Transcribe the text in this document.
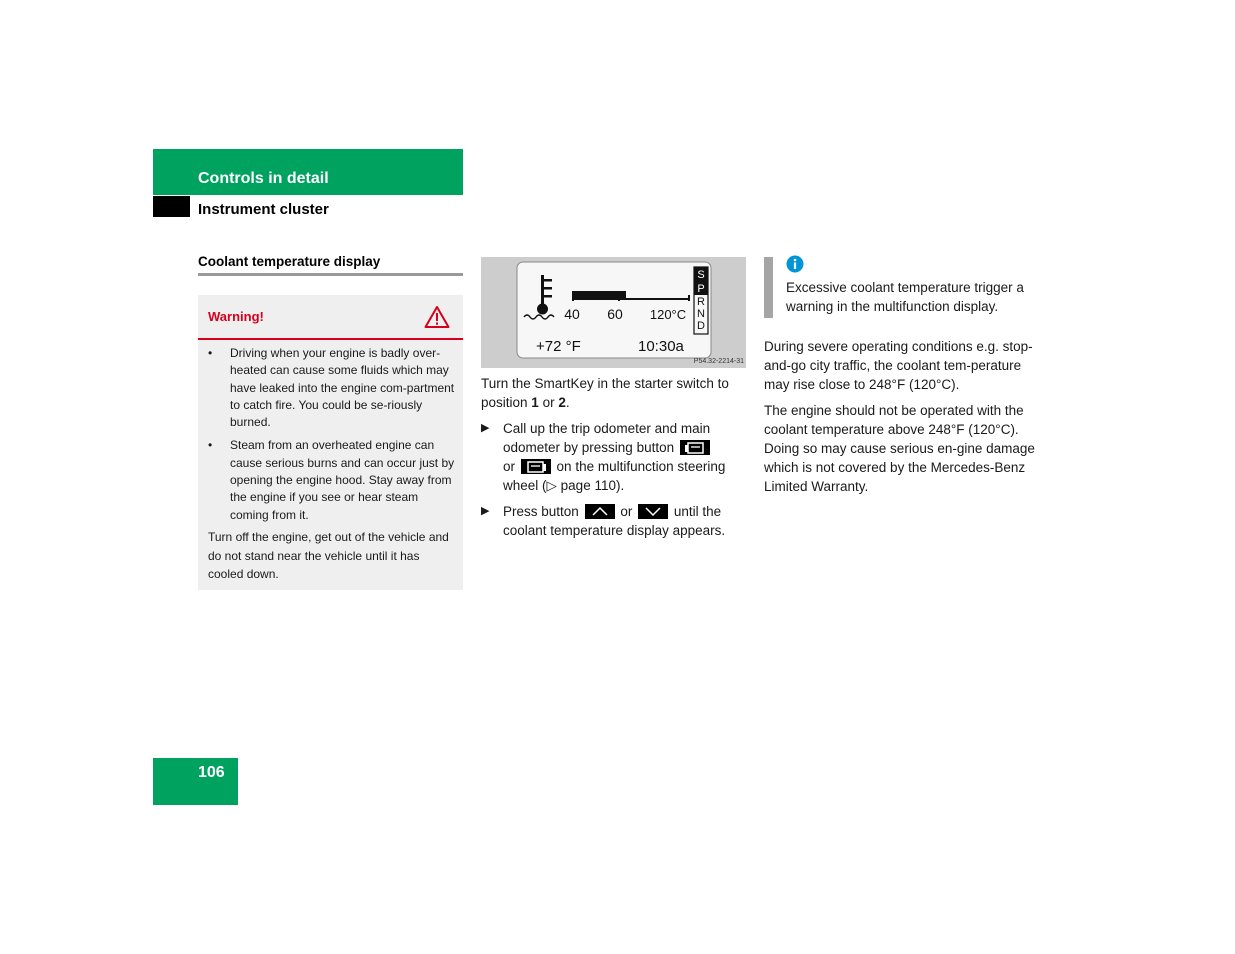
Controls in detail
Instrument cluster
Coolant temperature display
Warning!
• Driving when your engine is badly over-heated can cause some fluids which may have leaked into the engine com-partment to catch fire. You could be se-riously burned.
• Steam from an overheated engine can cause serious burns and can occur just by opening the engine hood. Stay away from the engine if you see or hear steam coming from it.
Turn off the engine, get out of the vehicle and do not stand near the vehicle until it has cooled down.
40 60 120°C
S
P
R
N
D
+72 °F	10:30a
P54.32-2214-31
Turn the SmartKey in the starter switch to position 1 or 2.
▶ Call up the trip odometer and main odometer by pressing button

or	on the multifunction steering wheel (▷ page 110).
▶ Press button	or	until the coolant temperature display appears.
Excessive coolant temperature trigger a warning in the multifunction display.
During severe operating conditions e.g. stop-and-go city traffic, the coolant tem-perature may rise close to 248°F (120°C).
The engine should not be operated with the coolant temperature above 248°F (120°C). Doing so may cause serious en-gine damage which is not covered by the Mercedes-Benz Limited Warranty.
106
